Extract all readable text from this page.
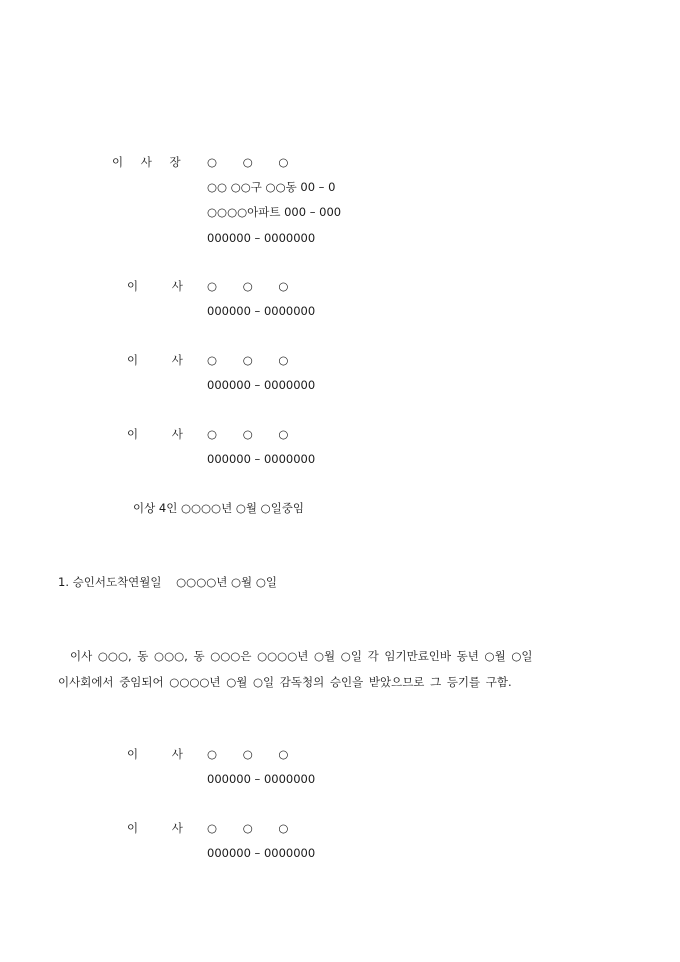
이 사 장 ○ ○ ○
○○ ○○구 ○○동 00 – 0
○○○○아파트 000 – 000
000000 – 0000000
이 사 ○ ○ ○
000000 – 0000000
이 사 ○ ○ ○
000000 – 0000000
이 사 ○ ○ ○
000000 – 0000000
이상 4인 ○○○○년 ○월 ○일중임
1. 승인서도착연월일    ○○○○년 ○월 ○일
이사 ○○○, 동 ○○○, 동 ○○○은 ○○○○년 ○월 ○일 각 임기만료인바 동년 ○월 ○일
이사회에서 중임되어 ○○○○년 ○월 ○일 감독청의 승인을 받았으므로 그 등기를 구함.
이 사 ○ ○ ○
000000 – 0000000
이 사 ○ ○ ○
000000 – 0000000
